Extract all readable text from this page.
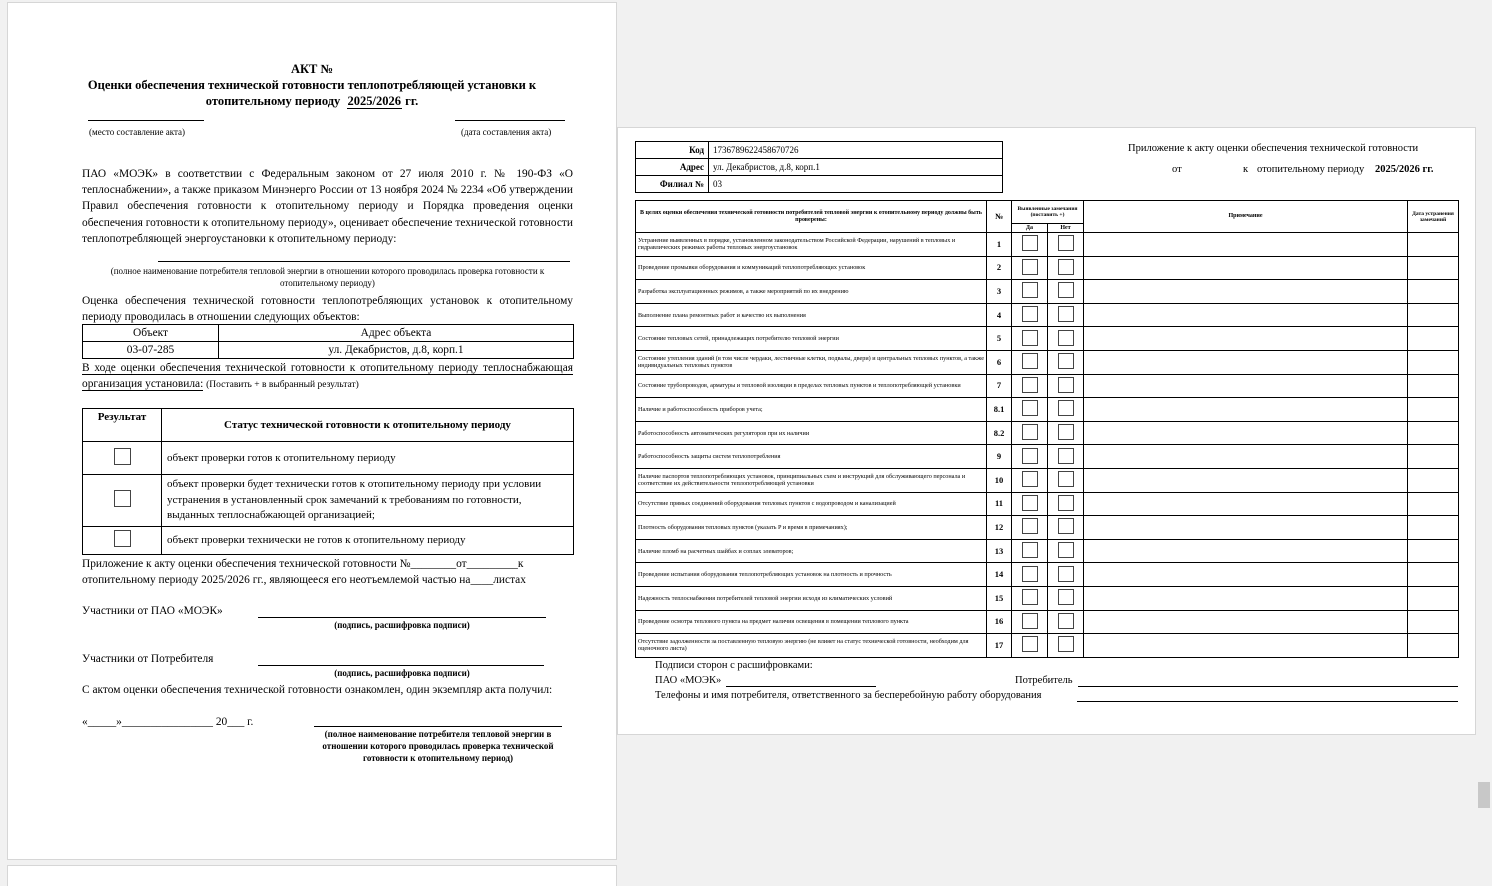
АКТ №
Оценки обеспечения технической готовности теплопотребляющей установки к
отопительному периоду 2025/2026 гг.
(место составление акта)	(дата составления акта)
ПАО «МОЭК» в соответствии с Федеральным законом от 27 июля 2010 г. № 190-ФЗ «О теплоснабжении», а также приказом Минэнерго России от 13 ноября 2024 № 2234 «Об утверждении Правил обеспечения готовности к отопительному периоду и Порядка проведения оценки обеспечения готовности к отопительному периоду», оценивает обеспечение технической готовности теплопотребляющей энергоустановки к отопительному периоду:
(полное наименование потребителя тепловой энергии в отношении которого проводилась проверка готовности к отопительному периоду)
Оценка обеспечения технической готовности теплопотребляющих установок к отопительному периоду проводилась в отношении следующих объектов:
Объект	Адрес объекта
03-07-285	ул. Декабристов, д.8, корп.1
В ходе оценки обеспечения технической готовности к отопительному периоду теплоснабжающая организация установила: (Поставить + в выбранный результат)
Результат	Статус технической готовности к отопительному периоду
	объект проверки готов к отопительному периоду
	объект проверки будет технически готов к отопительному периоду при условии устранения в установленный срок замечаний к требованиям по готовности, выданных теплоснабжающей организацией;
	объект проверки технически не готов к отопительному периоду
Приложение к акту оценки обеспечения технической готовности №________от_________к
отопительному периоду 2025/2026 гг., являющееся его неотъемлемой частью на____листах
Участники от ПАО «МОЭК»
(подпись, расшифровка подписи)
Участники от Потребителя
(подпись, расшифровка подписи)
С актом оценки обеспечения технической готовности ознакомлен, один экземпляр акта получил:
«_____»________________ 20___ г.
(полное наименование потребителя тепловой энергии в отношении которого проводилась проверка технической готовности к отопительному период)
Код	1736789622458670726
Адрес	ул. Декабристов, д.8, корп.1
Филиал №	03
Приложение к акту оценки обеспечения технической готовности
от	к отопительному периоду 2025/2026 гг.
В целях оценки обеспечения технической готовности потребителей тепловой энергии к отопительному периоду должны быть проверены:	№	Выявленные замечания (поставить +)		Примечание	Дата устранения замечаний
		Да	Нет		
Устранение выявленных в порядке, установленном законодательством Российской Федерации, нарушений в тепловых и гидравлических режимах работы тепловых энергоустановок	1				
Проведение промывки оборудования и коммуникаций теплопотребляющих установок	2				
Разработка эксплуатационных режимов, а также мероприятий по их внедрению	3				
Выполнение плана ремонтных работ и качество их выполнения	4				
Состояние тепловых сетей, принадлежащих потребителю тепловой энергии	5				
Состояние утепления зданий (в том числе чердаки, лестничные клетки, подвалы, двери) и центральных тепловых пунктов, а также индивидуальных тепловых пунктов	6				
Состояние трубопроводов, арматуры и тепловой изоляции в пределах тепловых пунктов и теплопотребляющей установки	7				
Наличие и работоспособность приборов учета;	8.1				
Работоспособность автоматических регуляторов при их наличии	8.2				
Работоспособность защиты систем теплопотребления	9				
Наличие паспортов теплопотребляющих установок, принципиальных схем и инструкций для обслуживающего персонала и соответствие их действительности теплопотребляющей установки	10				
Отсутствие прямых соединений оборудования тепловых пунктов с водопроводом и канализацией	11				
Плотность оборудования тепловых пунктов (указать P и время в примечаниях);	12				
Наличие пломб на расчетных шайбах и соплах элеваторов;	13				
Проведение испытания оборудования теплопотребляющих установок на плотность и прочность	14				
Надежность теплоснабжения потребителей тепловой энергии исходя из климатических условий	15				
Проведение осмотра теплового пункта на предмет наличия освещения в помещении теплового пункта	16				
Отсутствие задолженности за поставленную тепловую энергию (не влияет на статус технической готовности, необходим для оценочного листа)	17				
Подписи сторон с расшифровками:
ПАО «МОЭК»	Потребитель
Телефоны и имя потребителя, ответственного за бесперебойную работу оборудования
